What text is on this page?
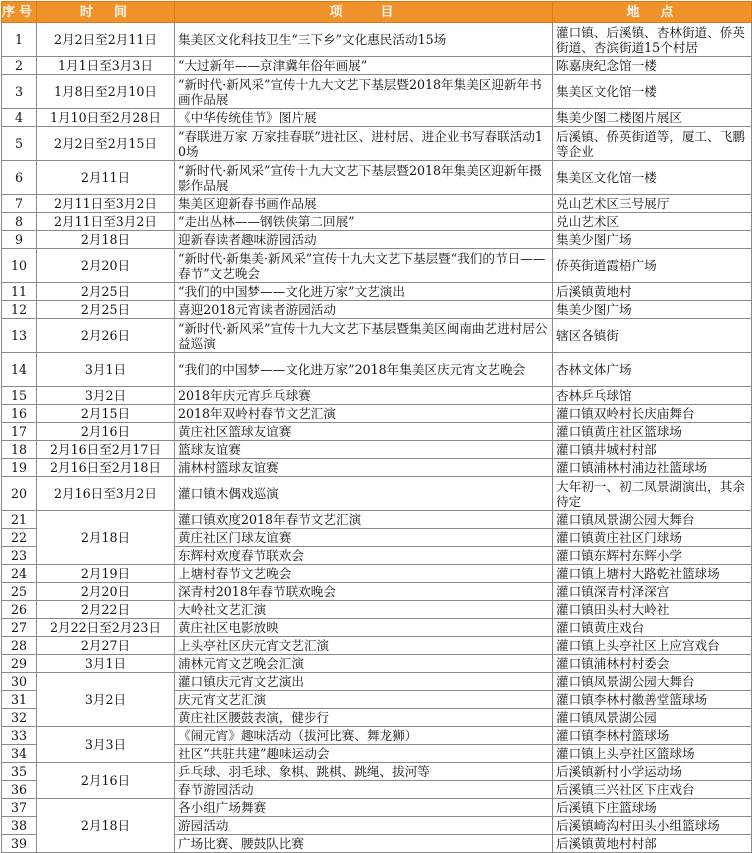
序号	时　间	项　　目	地　点
1	2月2日至2月11日	集美区文化科技卫生“三下乡”文化惠民活动15场	灌口镇、后溪镇、杏林街道、侨英街道、杏滨街道15个村居
2	1月1日至3月3日	“大过新年——京津冀年俗年画展”	陈嘉庚纪念馆一楼
3	1月8日至2月10日	“新时代·新风采”宣传十九大文艺下基层暨2018年集美区迎新年书画作品展	集美区文化馆一楼
4	1月10日至2月28日	《中华传统佳节》图片展	集美少图二楼图片展区
5	2月2日至2月15日	“春联进万家 万家挂春联”进社区、进村居、进企业书写春联活动10场	后溪镇、侨英街道等，厦工、飞鹏等企业
6	2月11日	“新时代·新风采”宣传十九大文艺下基层暨2018年集美区迎新年摄影作品展	集美区文化馆一楼
7	2月11日至3月2日	集美区迎新春书画作品展	兑山艺术区三号展厅
8	2月11日至3月2日	“走出丛林——钢铁侠第二回展”	兑山艺术区
9	2月18日	迎新春读者趣味游园活动	集美少图广场
10	2月20日	“新时代·新集美·新风采”宣传十九大文艺下基层暨“我们的节日——春节”文艺晚会	侨英街道霞梧广场
11	2月25日	“我们的中国梦——文化进万家”文艺演出	后溪镇黄地村
12	2月25日	喜迎2018元宵读者游园活动	集美少图广场
13	2月26日	“新时代·新风采”宣传十九大文艺下基层暨集美区闽南曲艺进村居公益巡演	辖区各镇街
14	3月1日	“我们的中国梦——文化进万家”2018年集美区庆元宵文艺晚会	杏林文体广场
15	3月2日	2018年庆元宵乒乓球赛	杏林乒乓球馆
16	2月15日	2018年双岭村春节文艺汇演	灌口镇双岭村长庆庙舞台
17	2月16日	黄庄社区篮球友谊赛	灌口镇黄庄社区篮球场
18	2月16日至2月17日	篮球友谊赛	灌口镇井城村村部
19	2月16日至2月18日	浦林村篮球友谊赛	灌口镇浦林村浦边社篮球场
20	2月16日至3月2日	灌口镇木偶戏巡演	大年初一、初二凤景湖演出，其余待定
21	2月18日	灌口镇欢度2018年春节文艺汇演	灌口镇凤景湖公园大舞台
22		黄庄社区门球友谊赛	灌口镇黄庄社区门球场
23		东辉村欢度春节联欢会	灌口镇东辉村东辉小学
24	2月19日	上塘村春节文艺晚会	灌口镇上塘村大路乾社篮球场
25	2月20日	深青村2018年春节联欢晚会	灌口镇深青村泽深宫
26	2月22日	大岭社文艺汇演	灌口镇田头村大岭社
27	2月22日至2月23日	黄庄社区电影放映	灌口镇黄庄戏台
28	2月27日	上头亭社区庆元宵文艺汇演	灌口镇上头亭社区上应宫戏台
29	3月1日	浦林元宵文艺晚会汇演	灌口镇浦林村村委会
30	3月2日	灌口镇庆元宵文艺演出	灌口镇凤景湖公园大舞台
31		庆元宵文艺汇演	灌口镇李林村徽善堂篮球场
32		黄庄社区腰鼓表演，健步行	灌口镇凤景湖公园
33	3月3日	《闹元宵》趣味活动（拔河比赛、舞龙狮）	灌口镇李林村篮球场
34		社区“共驻共建”趣味运动会	灌口镇上头亭社区篮球场
35	2月16日	乒乓球、羽毛球、象棋、跳棋、跳绳、拔河等	后溪镇新村小学运动场
36		春节游园活动	后溪镇三兴社区下庄戏台
37	2月18日	各小组广场舞赛	后溪镇下庄篮球场
38		游园活动	后溪镇崎沟村田头小组篮球场
39		广场比赛、腰鼓队比赛	后溪镇黄地村村部
